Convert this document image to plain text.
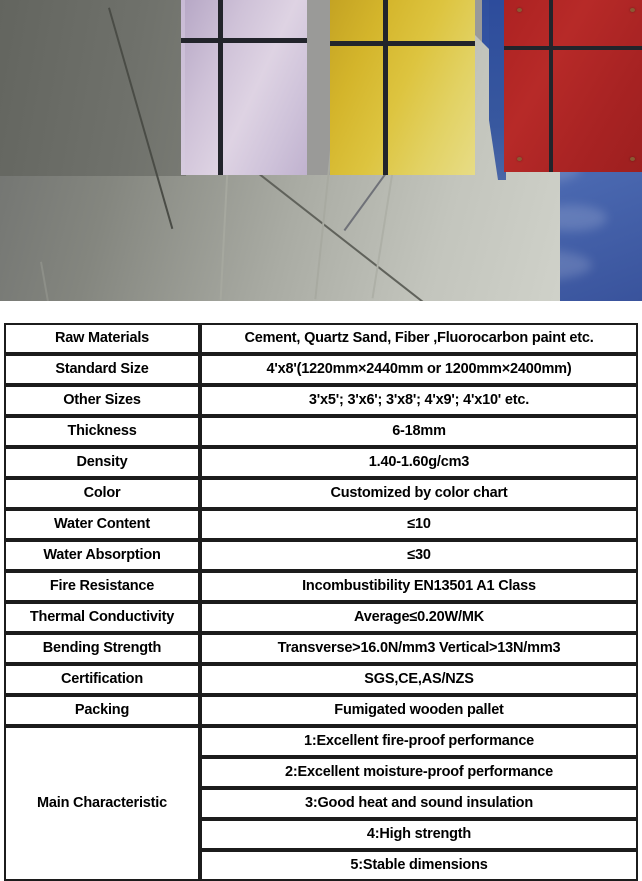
Raw Materials	Cement, Quartz Sand, Fiber ,Fluorocarbon paint etc.
Standard Size	4'x8'(1220mm×2440mm or 1200mm×2400mm)
Other Sizes	3'x5'; 3'x6'; 3'x8'; 4'x9'; 4'x10' etc.
Thickness	6-18mm
Density	1.40-1.60g/cm3
Color	Customized by color chart
Water Content	≤10
Water Absorption	≤30
Fire Resistance	Incombustibility EN13501 A1 Class
Thermal Conductivity	Average≤0.20W/MK
Bending Strength	Transverse>16.0N/mm3 Vertical>13N/mm3
Certification	SGS,CE,AS/NZS
Packing	Fumigated wooden pallet
Main Characteristic	1:Excellent fire-proof performance
	2:Excellent moisture-proof performance
	3:Good heat and sound insulation
	4:High strength
	5:Stable dimensions
